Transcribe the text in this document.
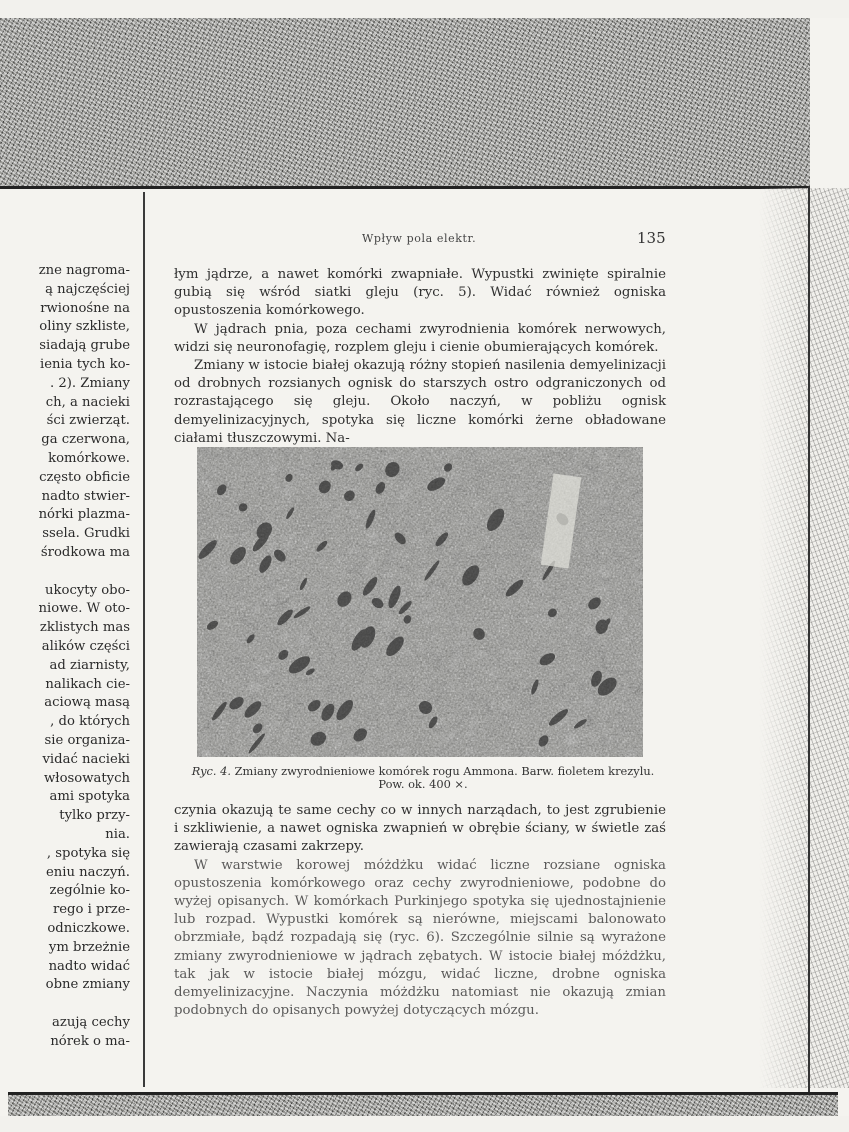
zne nagroma-
ą najczęściej
rwionośne na
oliny szkliste,
siadają grube
ienia tych ko-
. 2). Zmiany
ch, a nacieki
ści zwierząt.
ga czerwona,
komórkowe.
często obficie
nadto stwier-
nórki plazma-
ssela. Grudki
środkowa ma
ukocyty obo-
niowe. W oto-
zklistych mas
alików części
ad ziarnisty,
nalikach cie-
aciową masą
, do których
sie organiza-
vidać nacieki
włosowatych
ami spotyka
tylko przy-
nia.
, spotyka się
eniu naczyń.
zególnie ko-
rego i prze-
odniczkowe.
ym brzeżnie
nadto widać
obne zmiany
azują cechy
nórek o ma-
Wpływ pola elektr.	135

łym jądrze, a nawet komórki zwapniałe. Wypustki zwinięte spiralnie gubią się wśród siatki gleju (ryc. 5). Widać również ogniska opustoszenia komórkowego.

W jądrach pnia, poza cechami zwyrodnienia komórek nerwowych, widzi się neuronofagię, rozplem gleju i cienie obumierających komórek.

Zmiany w istocie białej okazują różny stopień nasilenia demyelinizacji od drobnych rozsianych ognisk do starszych ostro odgraniczonych od rozrastającego się gleju. Około naczyń, w pobliżu ognisk demyelinizacyjnych, spotyka się liczne komórki żerne obładowane ciałami tłuszczowymi. Na-

Ryc. 4. Zmiany zwyrodnieniowe komórek rogu Ammona. Barw. fioletem krezylu. Pow. ok. 400 ×.

czynia okazują te same cechy co w innych narządach, to jest zgrubienie i szkliwienie, a nawet ogniska zwapnień w obrębie ściany, w świetle zaś zawierają czasami zakrzepy.

W warstwie korowej móżdżku widać liczne rozsiane ogniska opustoszenia komórkowego oraz cechy zwyrodnieniowe, podobne do wyżej opisanych. W komórkach Purkinjego spotyka się ujednostajnienie lub rozpad. Wypustki komórek są nierówne, miejscami balonowato obrzmiałe, bądź rozpadają się (ryc. 6). Szczególnie silnie są wyrażone zmiany zwyrodnieniowe w jądrach zębatych. W istocie białej móżdżku, tak jak w istocie białej mózgu, widać liczne, drobne ogniska demyelinizacyjne. Naczynia móżdżku natomiast nie okazują zmian podobnych do opisanych powyżej dotyczących mózgu.
